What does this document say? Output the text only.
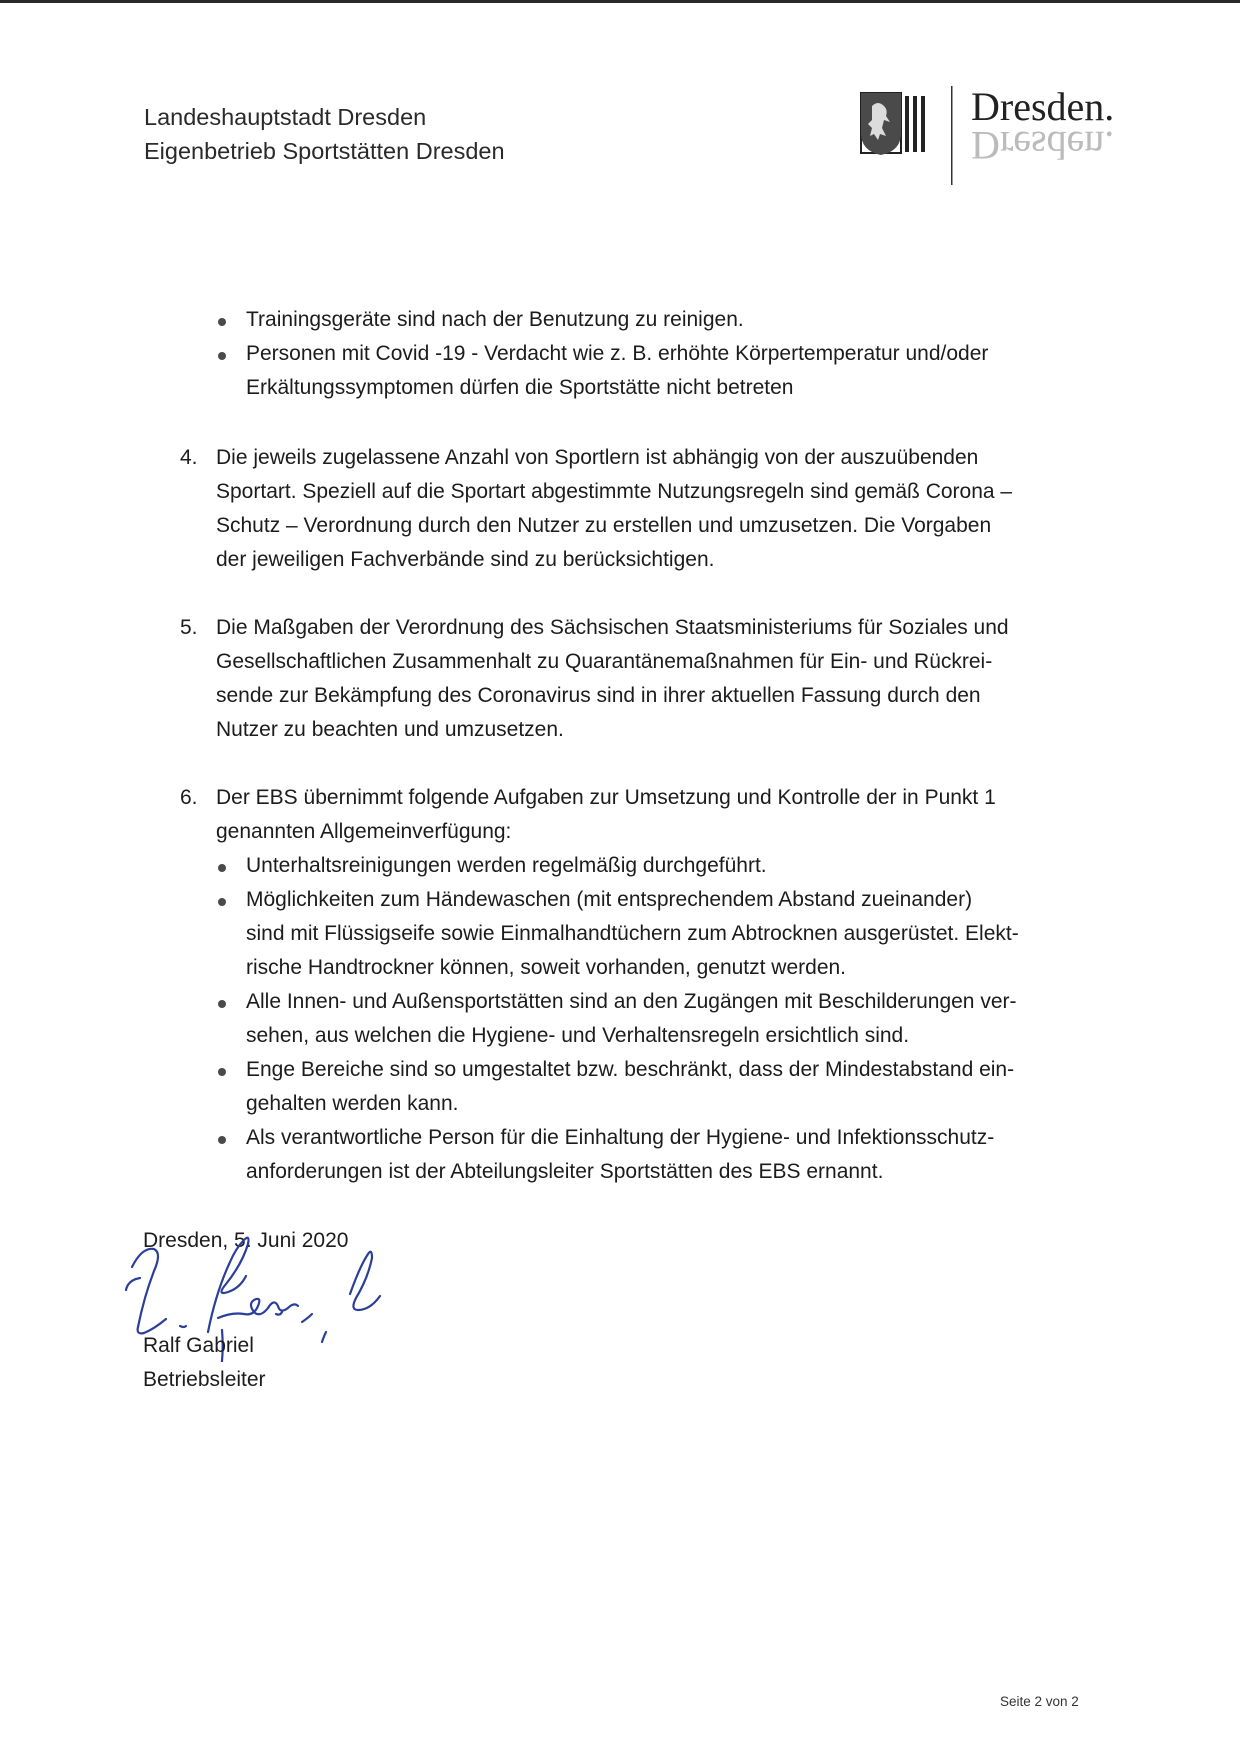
Landeshauptstadt Dresden
Eigenbetrieb Sportstätten Dresden
Dresden.
Dresden.
Trainingsgeräte sind nach der Benutzung zu reinigen.
Personen mit Covid -19 - Verdacht wie z. B. erhöhte Körpertemperatur und/oder
Erkältungssymptomen dürfen die Sportstätte nicht betreten
4. Die jeweils zugelassene Anzahl von Sportlern ist abhängig von der auszuübenden
Sportart. Speziell auf die Sportart abgestimmte Nutzungsregeln sind gemäß Corona –
Schutz – Verordnung durch den Nutzer zu erstellen und umzusetzen. Die Vorgaben
der jeweiligen Fachverbände sind zu berücksichtigen.
5. Die Maßgaben der Verordnung des Sächsischen Staatsministeriums für Soziales und
Gesellschaftlichen Zusammenhalt zu Quarantänemaßnahmen für Ein- und Rückrei-
sende zur Bekämpfung des Coronavirus sind in ihrer aktuellen Fassung durch den
Nutzer zu beachten und umzusetzen.
6. Der EBS übernimmt folgende Aufgaben zur Umsetzung und Kontrolle der in Punkt 1
genannten Allgemeinverfügung:
Unterhaltsreinigungen werden regelmäßig durchgeführt.
Möglichkeiten zum Händewaschen (mit entsprechendem Abstand zueinander)
sind mit Flüssigseife sowie Einmalhandtüchern zum Abtrocknen ausgerüstet. Elekt-
rische Handtrockner können, soweit vorhanden, genutzt werden.
Alle Innen- und Außensportstätten sind an den Zugängen mit Beschilderungen ver-
sehen, aus welchen die Hygiene- und Verhaltensregeln ersichtlich sind.
Enge Bereiche sind so umgestaltet bzw. beschränkt, dass der Mindestabstand ein-
gehalten werden kann.
Als verantwortliche Person für die Einhaltung der Hygiene- und Infektionsschutz-
anforderungen ist der Abteilungsleiter Sportstätten des EBS ernannt.
Dresden, 5. Juni 2020
Ralf Gabriel
Betriebsleiter
Seite 2 von 2
